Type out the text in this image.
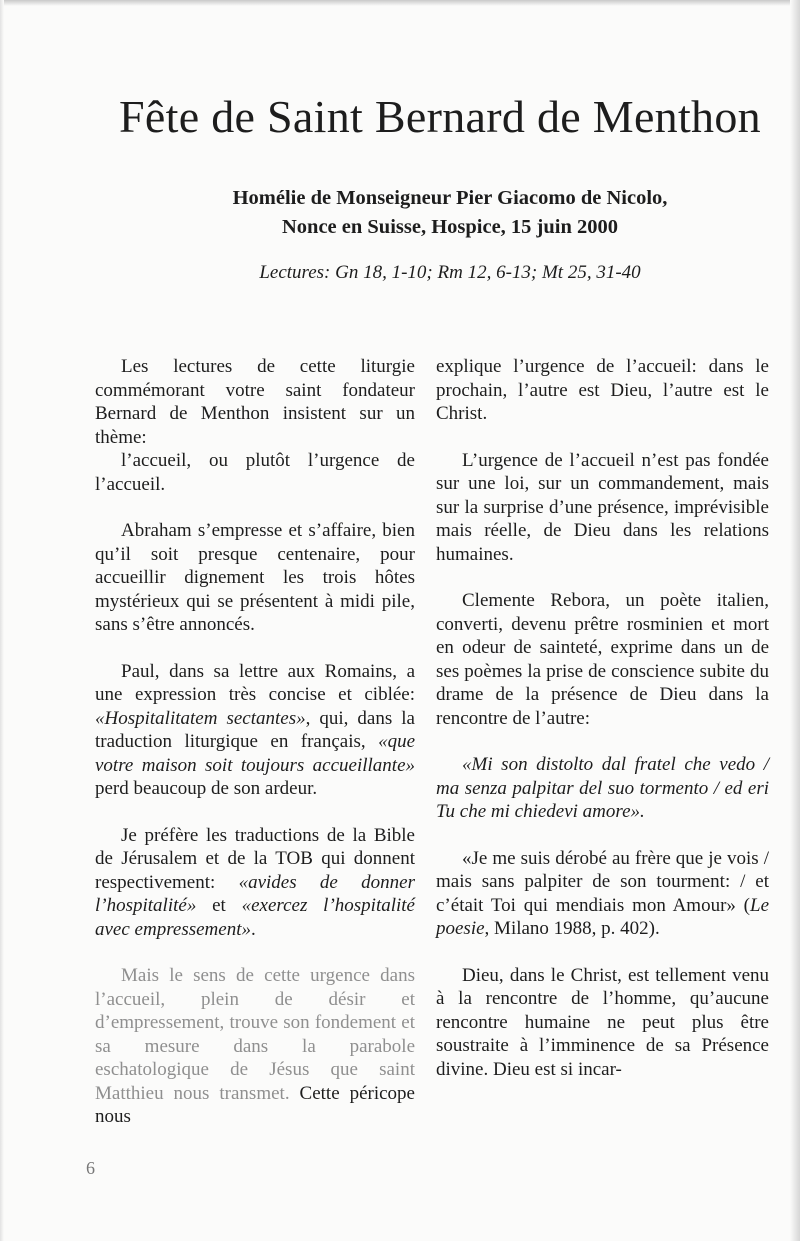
Fête de Saint Bernard de Menthon
Homélie de Monseigneur Pier Giacomo de Nicolo,
Nonce en Suisse, Hospice, 15 juin 2000
Lectures: Gn 18, 1-10; Rm 12, 6-13; Mt 25, 31-40

Les lectures de cette liturgie commémorant votre saint fondateur Bernard de Menthon insistent sur un thème:

l’accueil, ou plutôt l’urgence de l’accueil.

Abraham s’empresse et s’affaire, bien qu’il soit presque centenaire, pour accueillir dignement les trois hôtes mystérieux qui se présentent à midi pile, sans s’être annoncés.

Paul, dans sa lettre aux Romains, a une expression très concise et ciblée: «Hospitalitatem sectantes», qui, dans la traduction liturgique en français, «que votre maison soit toujours accueillante» perd beaucoup de son ardeur.

Je préfère les traductions de la Bible de Jérusalem et de la TOB qui donnent respectivement: «avides de donner l’hospitalité» et «exercez l’hospitalité avec empressement».

Mais le sens de cette urgence dans l’accueil, plein de désir et d’empressement, trouve son fondement et sa mesure dans la parabole eschatologique de Jésus que saint Matthieu nous transmet. Cette péricope nous

explique l’urgence de l’accueil: dans le prochain, l’autre est Dieu, l’autre est le Christ.

L’urgence de l’accueil n’est pas fondée sur une loi, sur un commandement, mais sur la surprise d’une présence, imprévisible mais réelle, de Dieu dans les relations humaines.

Clemente Rebora, un poète italien, converti, devenu prêtre rosminien et mort en odeur de sainteté, exprime dans un de ses poèmes la prise de conscience subite du drame de la présence de Dieu dans la rencontre de l’autre:

«Mi son distolto dal fratel che vedo / ma senza palpitar del suo tormento / ed eri Tu che mi chiedevi amore».

«Je me suis dérobé au frère que je vois / mais sans palpiter de son tourment: / et c’était Toi qui mendiais mon Amour» (Le poesie, Milano 1988, p. 402).

Dieu, dans le Christ, est tellement venu à la rencontre de l’homme, qu’aucune rencontre humaine ne peut plus être soustraite à l’imminence de sa Présence divine. Dieu est si incar-

6
